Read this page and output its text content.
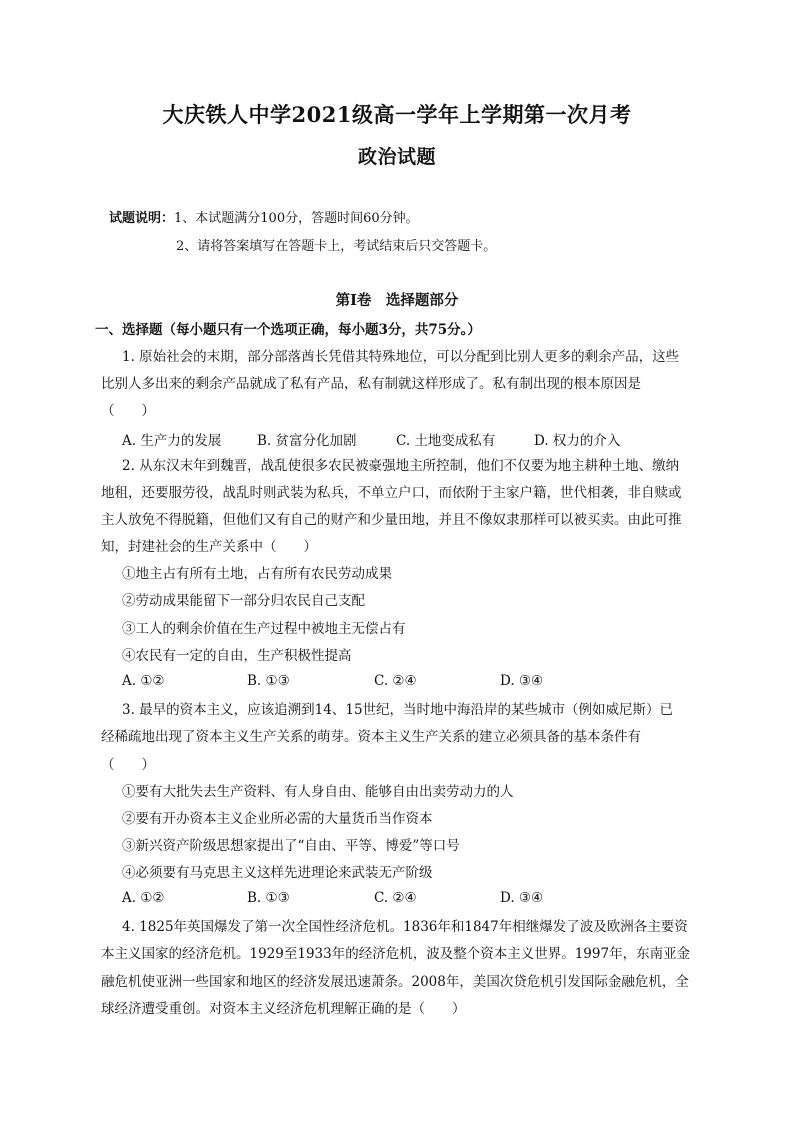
大庆铁人中学2021级高一学年上学期第一次月考
政治试题
试题说明：1、本试题满分100分，答题时间60分钟。
2、请将答案填写在答题卡上，考试结束后只交答题卡。
第Ⅰ卷　选择题部分
一、选择题（每小题只有一个选项正确，每小题3分，共75分。）
1. 原始社会的末期，部分部落酋长凭借其特殊地位，可以分配到比别人更多的剩余产品，这些
比别人多出来的剩余产品就成了私有产品，私有制就这样形成了。私有制出现的根本原因是
（　　）
A. 生产力的发展	B. 贫富分化加剧	C. 土地变成私有	D. 权力的介入
2. 从东汉末年到魏晋，战乱使很多农民被豪强地主所控制，他们不仅要为地主耕种土地、缴纳
地租，还要服劳役，战乱时则武装为私兵，不单立户口，而依附于主家户籍，世代相袭，非自赎或
主人放免不得脱籍，但他们又有自己的财产和少量田地，并且不像奴隶那样可以被买卖。由此可推
知，封建社会的生产关系中（　　）
①地主占有所有土地，占有所有农民劳动成果
②劳动成果能留下一部分归农民自己支配
③工人的剩余价值在生产过程中被地主无偿占有
④农民有一定的自由，生产积极性提高
A. ①②	B. ①③	C. ②④	D. ③④
3. 最早的资本主义，应该追溯到14、15世纪，当时地中海沿岸的某些城市（例如威尼斯）已
经稀疏地出现了资本主义生产关系的萌芽。资本主义生产关系的建立必须具备的基本条件有
（　　）
①要有大批失去生产资料、有人身自由、能够自由出卖劳动力的人
②要有开办资本主义企业所必需的大量货币当作资本
③新兴资产阶级思想家提出了“自由、平等、博爱”等口号
④必须要有马克思主义这样先进理论来武装无产阶级
A. ①②	B. ①③	C. ②④	D. ③④
4. 1825年英国爆发了第一次全国性经济危机。1836年和1847年相继爆发了波及欧洲各主要资
本主义国家的经济危机。1929至1933年的经济危机，波及整个资本主义世界。1997年，东南亚金
融危机使亚洲一些国家和地区的经济发展迅速萧条。2008年，美国次贷危机引发国际金融危机，全
球经济遭受重创。对资本主义经济危机理解正确的是（　　）
